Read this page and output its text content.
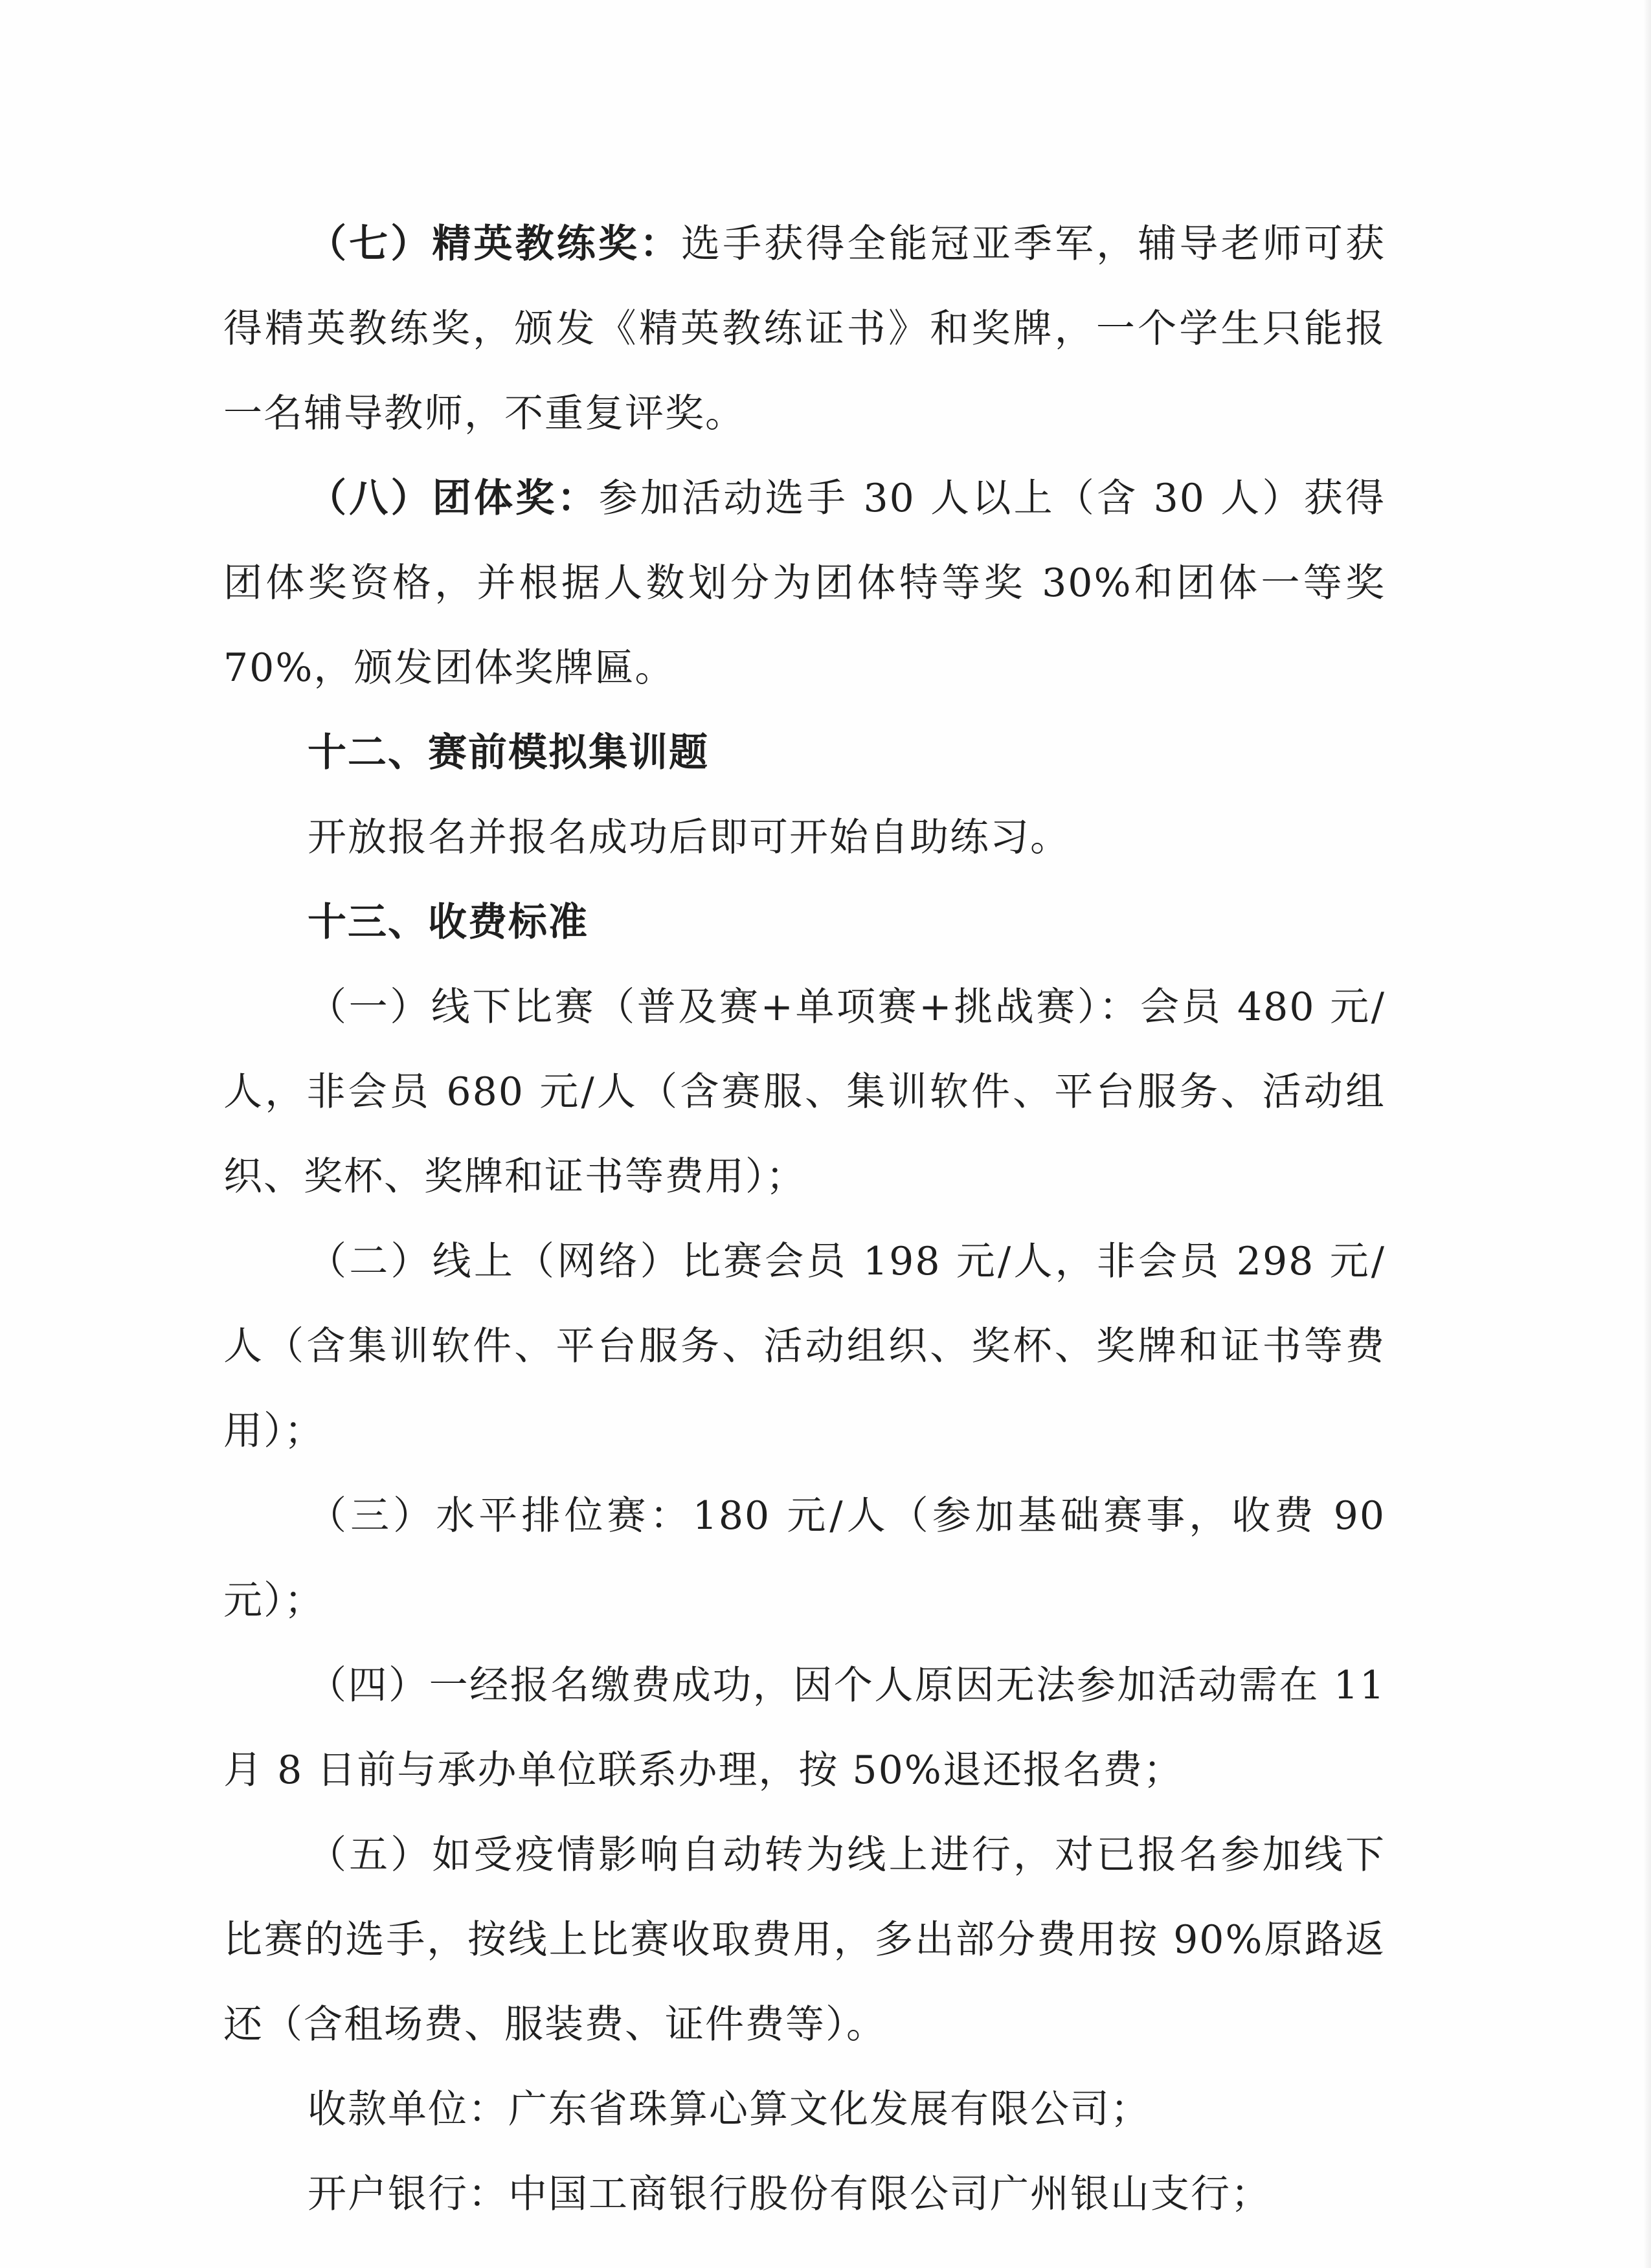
（七）精英教练奖：选手获得全能冠亚季军，辅导老师可获得精英教练奖，颁发《精英教练证书》和奖牌，一个学生只能报一名辅导教师，不重复评奖。

（八）团体奖：参加活动选手 30 人以上（含 30 人）获得团体奖资格，并根据人数划分为团体特等奖 30%和团体一等奖 70%，颁发团体奖牌匾。

十二、赛前模拟集训题

开放报名并报名成功后即可开始自助练习。

十三、收费标准

（一）线下比赛（普及赛+单项赛+挑战赛）：会员 480 元/人，非会员 680 元/人（含赛服、集训软件、平台服务、活动组织、奖杯、奖牌和证书等费用）；

（二）线上（网络）比赛会员 198 元/人，非会员 298 元/人（含集训软件、平台服务、活动组织、奖杯、奖牌和证书等费用）；

（三）水平排位赛：180 元/人（参加基础赛事，收费 90 元）；

（四）一经报名缴费成功，因个人原因无法参加活动需在 11 月 8 日前与承办单位联系办理，按 50%退还报名费；

（五）如受疫情影响自动转为线上进行，对已报名参加线下比赛的选手，按线上比赛收取费用，多出部分费用按 90%原路返还（含租场费、服装费、证件费等）。

收款单位：广东省珠算心算文化发展有限公司；

开户银行：中国工商银行股份有限公司广州银山支行；
